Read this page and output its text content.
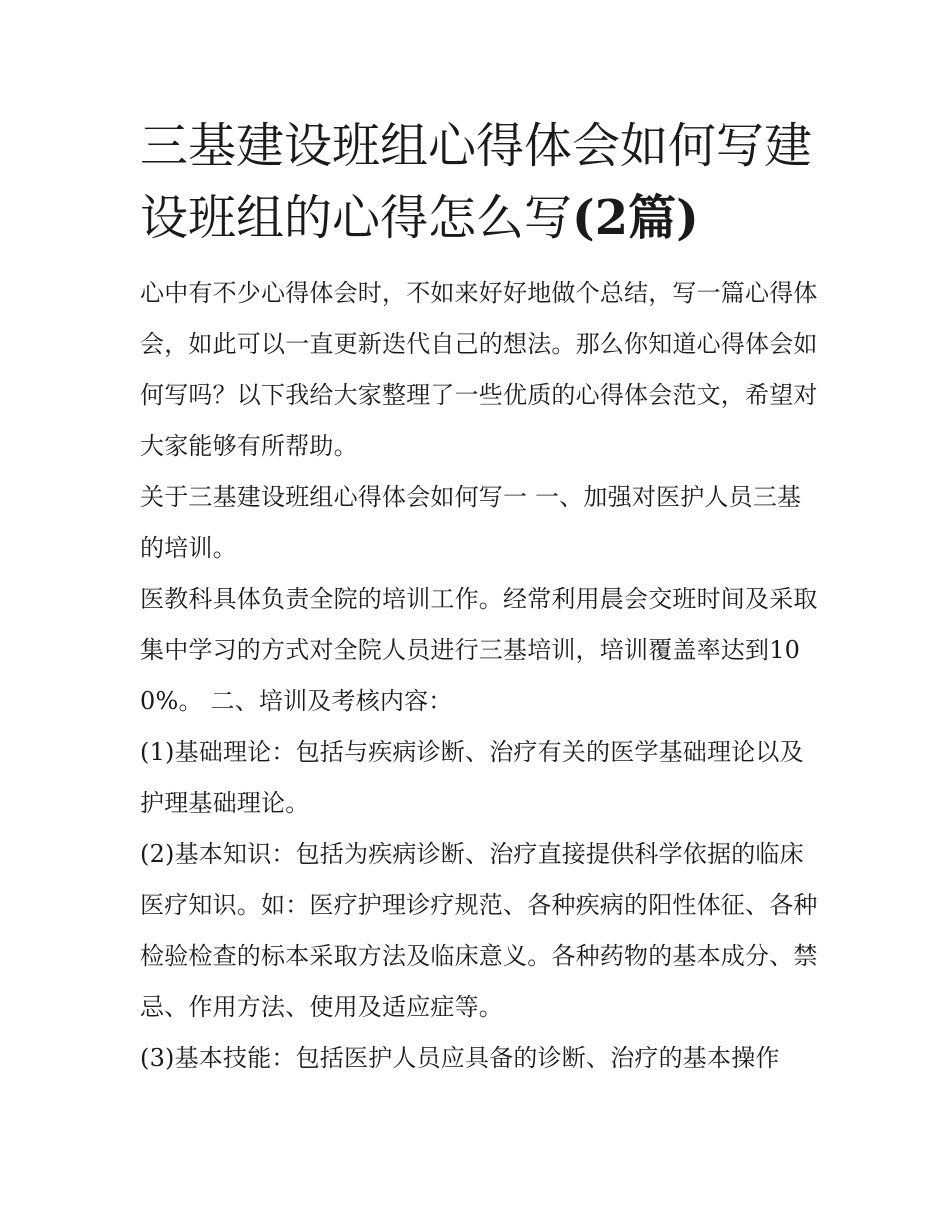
三基建设班组心得体会如何写建设班组的心得怎么写(2篇)

心中有不少心得体会时，不如来好好地做个总结，写一篇心得体会，如此可以一直更新迭代自己的想法。那么你知道心得体会如何写吗？以下我给大家整理了一些优质的心得体会范文，希望对大家能够有所帮助。

关于三基建设班组心得体会如何写一 一、加强对医护人员三基的培训。

医教科具体负责全院的培训工作。经常利用晨会交班时间及采取集中学习的方式对全院人员进行三基培训，培训覆盖率达到100%。 二、培训及考核内容：

(1)基础理论：包括与疾病诊断、治疗有关的医学基础理论以及护理基础理论。

(2)基本知识：包括为疾病诊断、治疗直接提供科学依据的临床医疗知识。如：医疗护理诊疗规范、各种疾病的阳性体征、各种检验检查的标本采取方法及临床意义。各种药物的基本成分、禁忌、作用方法、使用及适应症等。

(3)基本技能：包括医护人员应具备的诊断、治疗的基本操作
